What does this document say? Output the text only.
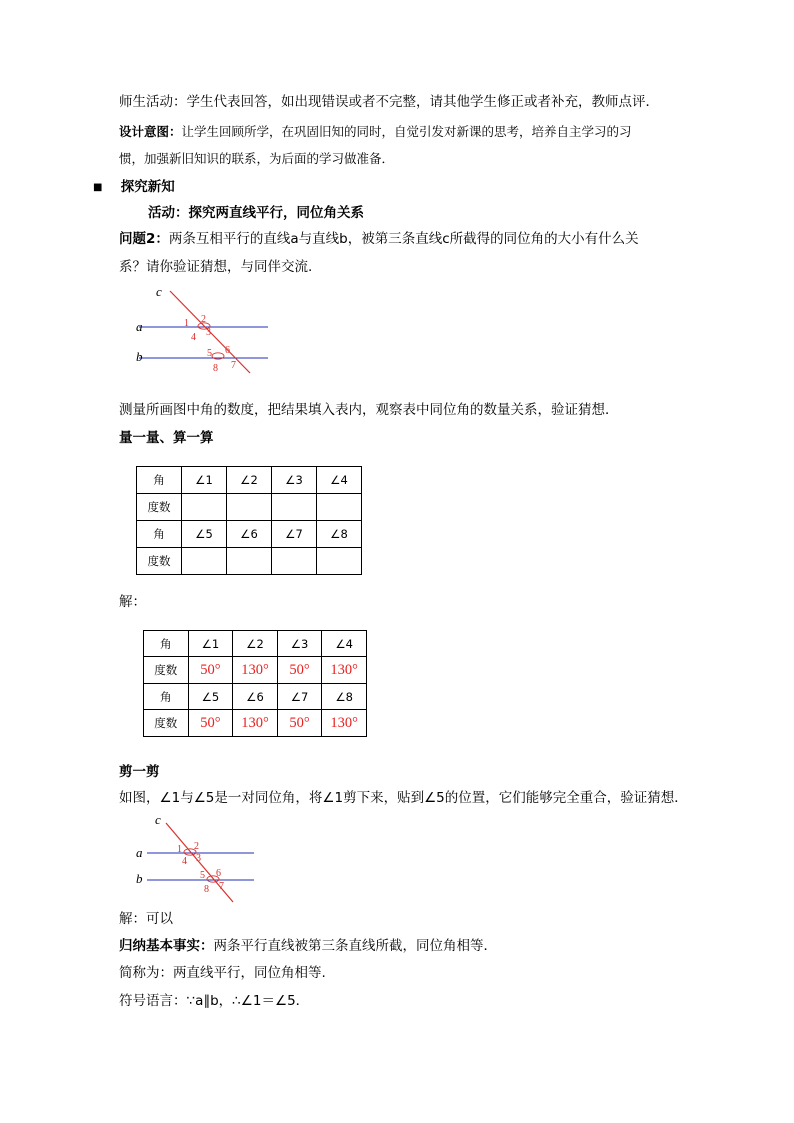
师生活动：学生代表回答，如出现错误或者不完整，请其他学生修正或者补充，教师点评．
设计意图：让学生回顾所学，在巩固旧知的同时，自觉引发对新课的思考，培养自主学习的习
惯，加强新旧知识的联系，为后面的学习做准备．
■ 探究新知
活动：探究两直线平行，同位角关系
问题2：两条互相平行的直线a与直线b，被第三条直线c所截得的同位角的大小有什么关
系？请你验证猜想，与同伴交流.
c
a
b
1 2
3
4
5 6
7
8
测量所画图中角的数度，把结果填入表内，观察表中同位角的数量关系，验证猜想．
量一量、算一算
角	∠1	∠2	∠3	∠4
度数				
角	∠5	∠6	∠7	∠8
度数				
解：
角	∠1	∠2	∠3	∠4
度数	50°	130°	50°	130°
角	∠5	∠6	∠7	∠8
度数	50°	130°	50°	130°
剪一剪
如图，∠1与∠5是一对同位角，将∠1剪下来，贴到∠5的位置，它们能够完全重合，验证猜想．
c
a
b
1 2
3
4
5 6
7
8
解：可以
归纳基本事实：两条平行直线被第三条直线所截，同位角相等．
简称为：两直线平行，同位角相等.
符号语言：∵a∥b，∴∠1＝∠5．
